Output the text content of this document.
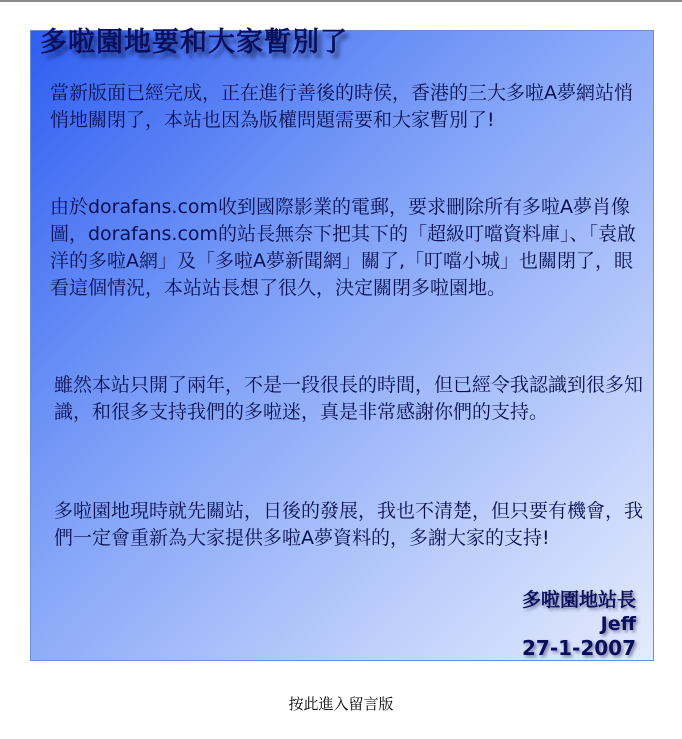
多啦園地要和大家暫別了

當新版面已經完成，正在進行善後的時侯，香港的三大多啦A夢網站悄悄地關閉了，本站也因為版權問題需要和大家暫別了!

由於dorafans.com收到國際影業的電郵，要求刪除所有多啦A夢肖像圖，dorafans.com的站長無奈下把其下的「超級叮噹資料庫」、「袁啟洋的多啦A網」及「多啦A夢新聞網」關了,「叮噹小城」也關閉了，眼看這個情況，本站站長想了很久，決定關閉多啦園地。

雖然本站只開了兩年，不是一段很長的時間，但已經令我認識到很多知識，和很多支持我們的多啦迷，真是非常感謝你們的支持。

多啦園地現時就先關站，日後的發展，我也不清楚，但只要有機會，我們一定會重新為大家提供多啦A夢資料的，多謝大家的支持!

多啦園地站長
Jeff
27-1-2007
按此進入留言版
